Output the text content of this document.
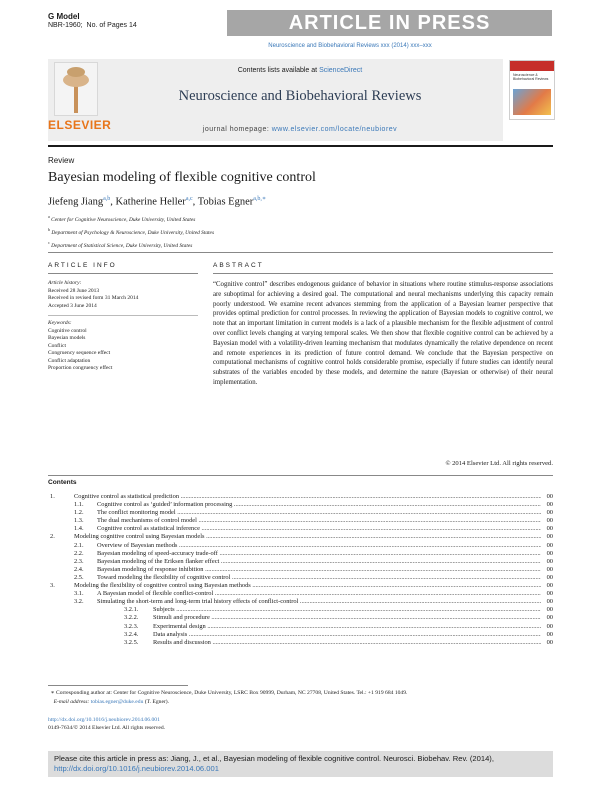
G Model
NBR-1960; No. of Pages 14	ARTICLE IN PRESS
Neuroscience and Biobehavioral Reviews xxx (2014) xxx–xxx
ELSEVIER
Contents lists available at ScienceDirect
Neuroscience and Biobehavioral Reviews
journal homepage: www.elsevier.com/locate/neubiorev
Neuroscience & Biobehavioral Reviews
Review
Bayesian modeling of flexible cognitive control
Jiefeng Jiang$^{a,b}$, Katherine Heller$^{a,c}$, Tobias Egner$^{a,b,∗}$
$^a$ Center for Cognitive Neuroscience, Duke University, United States
$^b$ Department of Psychology & Neuroscience, Duke University, United States
$^c$ Department of Statistical Science, Duke University, United States
ARTICLE INFO	ABSTRACT
Article history:
Received 28 June 2013
Received in revised form 31 March 2014
Accepted 3 June 2014
Keywords:
Cognitive control
Bayesian models
Conflict
Congruency sequence effect
Conflict adaptation
Proportion congruency effect
“Cognitive control” describes endogenous guidance of behavior in situations where routine stimulus-response associations are suboptimal for achieving a desired goal. The computational and neural mechanisms underlying this capacity remain poorly understood. We examine recent advances stemming from the application of a Bayesian learner perspective that provides optimal prediction for control processes. In reviewing the application of Bayesian models to cognitive control, we note that an important limitation in current models is a lack of a plausible mechanism for the flexible adjustment of control over conflict levels changing at varying temporal scales. We then show that flexible cognitive control can be achieved by a Bayesian model with a volatility-driven learning mechanism that modulates dynamically the relative dependence on recent and remote experiences in its prediction of future control demand. We conclude that the Bayesian perspective on computational mechanisms of cognitive control holds considerable promise, especially if future studies can identify neural substrates of the variables encoded by these models, and determine the nature (Bayesian or otherwise) of their neural implementation.
© 2014 Elsevier Ltd. All rights reserved.
Contents
1.	Cognitive control as statistical prediction .....	00
1.1.	Cognitive control as ‘guided’ information processing .....	00
1.2.	The conflict monitoring model .....	00
1.3.	The dual mechanisms of control model .....	00
1.4.	Cognitive control as statistical inference .....	00
2.	Modeling cognitive control using Bayesian models .....	00
2.1.	Overview of Bayesian methods .....	00
2.2.	Bayesian modeling of speed-accuracy trade-off .....	00
2.3.	Bayesian modeling of the Eriksen flanker effect .....	00
2.4.	Bayesian modeling of response inhibition .....	00
2.5.	Toward modeling the flexibility of cognitive control .....	00
3.	Modeling the flexibility of cognitive control using Bayesian methods .....	00
3.1.	A Bayesian model of flexible conflict-control .....	00
3.2.	Simulating the short-term and long-term trial history effects of conflict-control .....	00
3.2.1.	Subjects .....	00
3.2.2.	Stimuli and procedure .....	00
3.2.3.	Experimental design .....	00
3.2.4.	Data analysis .....	00
3.2.5.	Results and discussion .....	00
∗ Corresponding author at: Center for Cognitive Neuroscience, Duke University, LSRC Box 90999, Durham, NC 27708, United States. Tel.: +1 919 684 1049.
E-mail address: tobias.egner@duke.edu (T. Egner).
http://dx.doi.org/10.1016/j.neubiorev.2014.06.001
0149-7634/© 2014 Elsevier Ltd. All rights reserved.
Please cite this article in press as: Jiang, J., et al., Bayesian modeling of flexible cognitive control. Neurosci. Biobehav. Rev. (2014),
http://dx.doi.org/10.1016/j.neubiorev.2014.06.001
